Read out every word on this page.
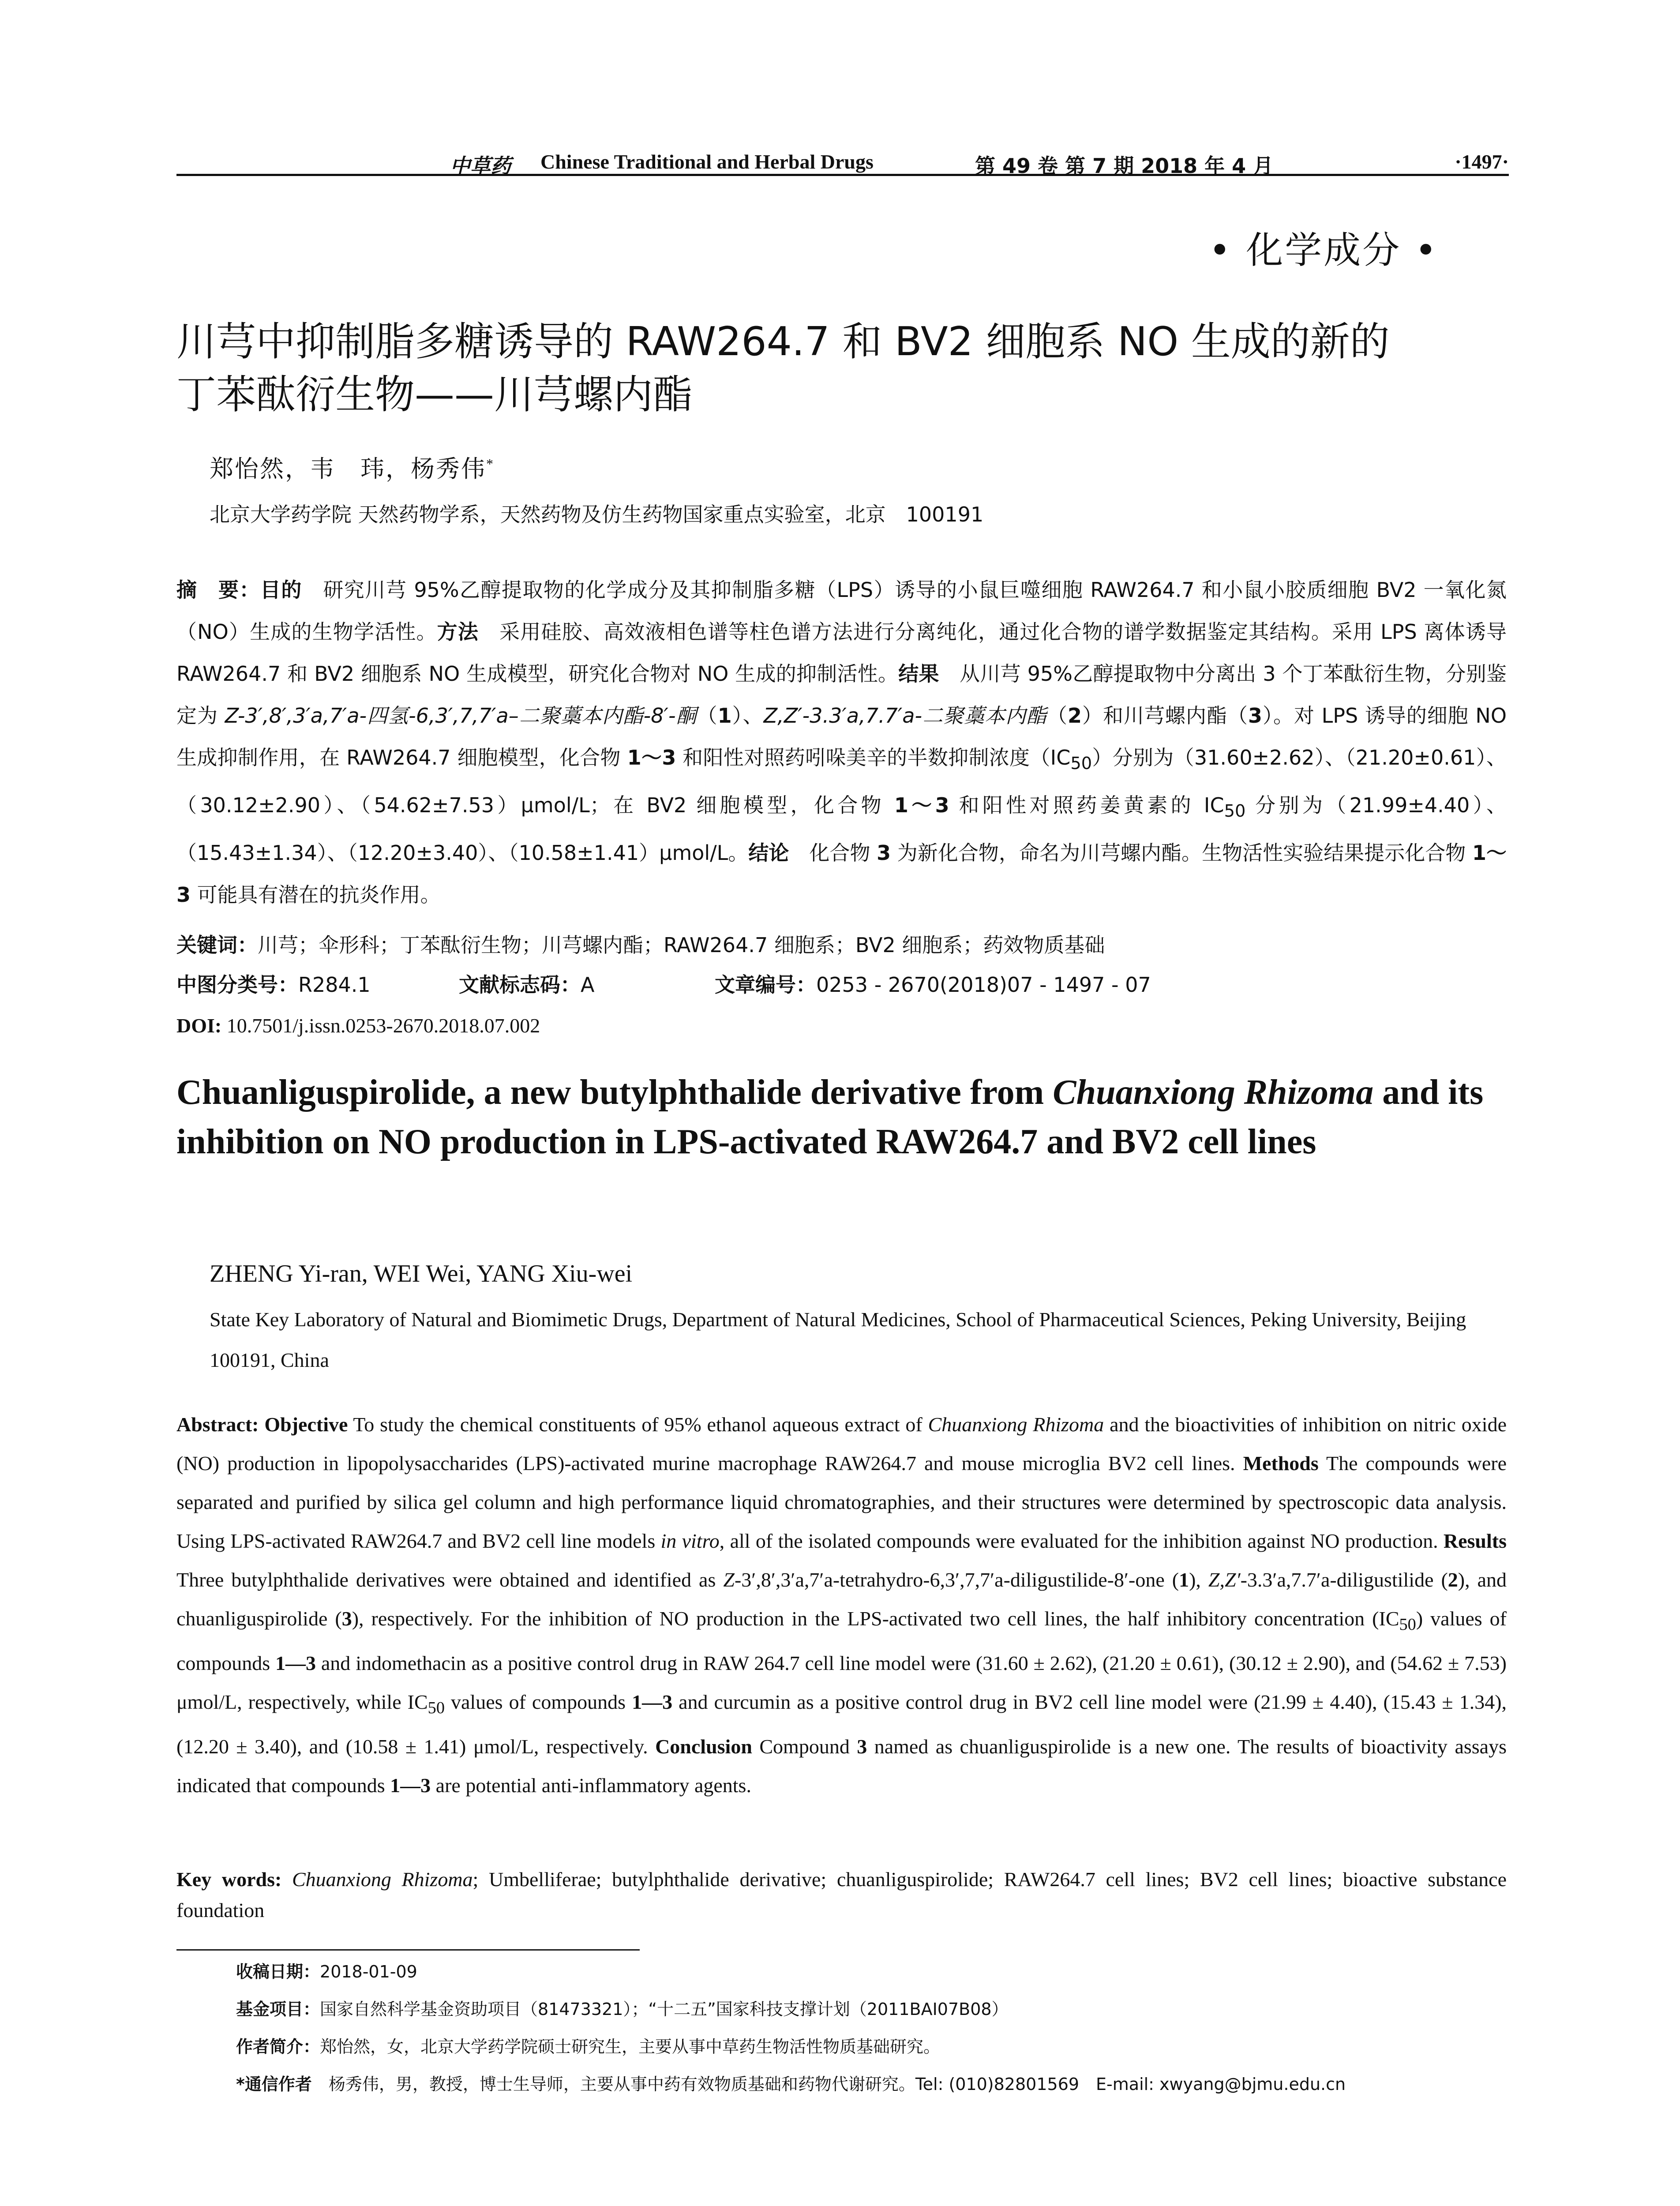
中草药 Chinese Traditional and Herbal Drugs	第 49 卷 第 7 期 2018 年 4 月	·1497·
• 化学成分 •
川芎中抑制脂多糖诱导的 RAW264.7 和 BV2 细胞系 NO 生成的新的
丁苯酞衍生物——川芎螺内酯
郑怡然，韦　玮，杨秀伟*
北京大学药学院 天然药物学系，天然药物及仿生药物国家重点实验室，北京　100191
摘　要：目的　研究川芎 95%乙醇提取物的化学成分及其抑制脂多糖（LPS）诱导的小鼠巨噬细胞 RAW264.7 和小鼠小胶质细胞 BV2 一氧化氮（NO）生成的生物学活性。方法　采用硅胶、高效液相色谱等柱色谱方法进行分离纯化，通过化合物的谱学数据鉴定其结构。采用 LPS 离体诱导 RAW264.7 和 BV2 细胞系 NO 生成模型，研究化合物对 NO 生成的抑制活性。结果　从川芎 95%乙醇提取物中分离出 3 个丁苯酞衍生物，分别鉴定为 Z-3′,8′,3′a,7′a-四氢-6,3′,7,7′a–二聚藁本内酯-8′-酮（1）、Z,Z′-3.3′a,7.7′a-二聚藁本内酯（2）和川芎螺内酯（3）。对 LPS 诱导的细胞 NO 生成抑制作用，在 RAW264.7 细胞模型，化合物 1～3 和阳性对照药吲哚美辛的半数抑制浓度$(IC_{50})$分别为（31.60±2.62）、（21.20±0.61）、（30.12±2.90）、（54.62±7.53）μmol/L；在 BV2 细胞模型，化合物 1～3 和阳性对照药姜黄素的 $IC_{50}$ 分别为（21.99±4.40）、（15.43±1.34）、（12.20±3.40）、（10.58±1.41）μmol/L。结论　化合物 3 为新化合物，命名为川芎螺内酯。生物活性实验结果提示化合物 1～3 可能具有潜在的抗炎作用。
关键词：川芎；伞形科；丁苯酞衍生物；川芎螺内酯；RAW264.7 细胞系；BV2 细胞系；药效物质基础
中图分类号：R284.1	文献标志码：A	文章编号：0253 - 2670(2018)07 - 1497 - 07
DOI: 10.7501/j.issn.0253-2670.2018.07.002
Chuanliguspirolide, a new butylphthalide derivative from Chuanxiong Rhizoma and its inhibition on NO production in LPS-activated RAW264.7 and BV2 cell lines
ZHENG Yi-ran, WEI Wei, YANG Xiu-wei
State Key Laboratory of Natural and Biomimetic Drugs, Department of Natural Medicines, School of Pharmaceutical Sciences, Peking University, Beijing 100191, China
Abstract: Objective To study the chemical constituents of 95% ethanol aqueous extract of Chuanxiong Rhizoma and the bioactivities of inhibition on nitric oxide (NO) production in lipopolysaccharides (LPS)-activated murine macrophage RAW264.7 and mouse microglia BV2 cell lines. Methods The compounds were separated and purified by silica gel column and high performance liquid chromatographies, and their structures were determined by spectroscopic data analysis. Using LPS-activated RAW264.7 and BV2 cell line models in vitro, all of the isolated compounds were evaluated for the inhibition against NO production. Results Three butylphthalide derivatives were obtained and identified as Z-3′,8′,3′a,7′a-tetrahydro-6,3′,7,7′a-diligustilide-8′-one (1), Z,Z′-3.3′a,7.7′a-diligustilide (2), and chuanliguspirolide (3), respectively. For the inhibition of NO production in the LPS-activated two cell lines, the half inhibitory concentration $(IC_{50})$ values of compounds 1—3 and indomethacin as a positive control drug in RAW 264.7 cell line model were (31.60 ± 2.62), (21.20 ± 0.61), (30.12 ± 2.90), and (54.62 ± 7.53) μmol/L, respectively, while $IC_{50}$ values of compounds 1—3 and curcumin as a positive control drug in BV2 cell line model were (21.99 ± 4.40), (15.43 ± 1.34), (12.20 ± 3.40), and (10.58 ± 1.41) μmol/L, respectively. Conclusion Compound 3 named as chuanliguspirolide is a new one. The results of bioactivity assays indicated that compounds 1—3 are potential anti-inflammatory agents.
Key words: Chuanxiong Rhizoma; Umbelliferae; butylphthalide derivative; chuanliguspirolide; RAW264.7 cell lines; BV2 cell lines; bioactive substance foundation
收稿日期：2018-01-09
基金项目：国家自然科学基金资助项目（81473321）；“十二五”国家科技支撑计划（2011BAI07B08）
作者简介：郑怡然，女，北京大学药学院硕士研究生，主要从事中草药生物活性物质基础研究。
*通信作者　杨秀伟，男，教授，博士生导师，主要从事中药有效物质基础和药物代谢研究。Tel: (010)82801569　E-mail: xwyang@bjmu.edu.cn
